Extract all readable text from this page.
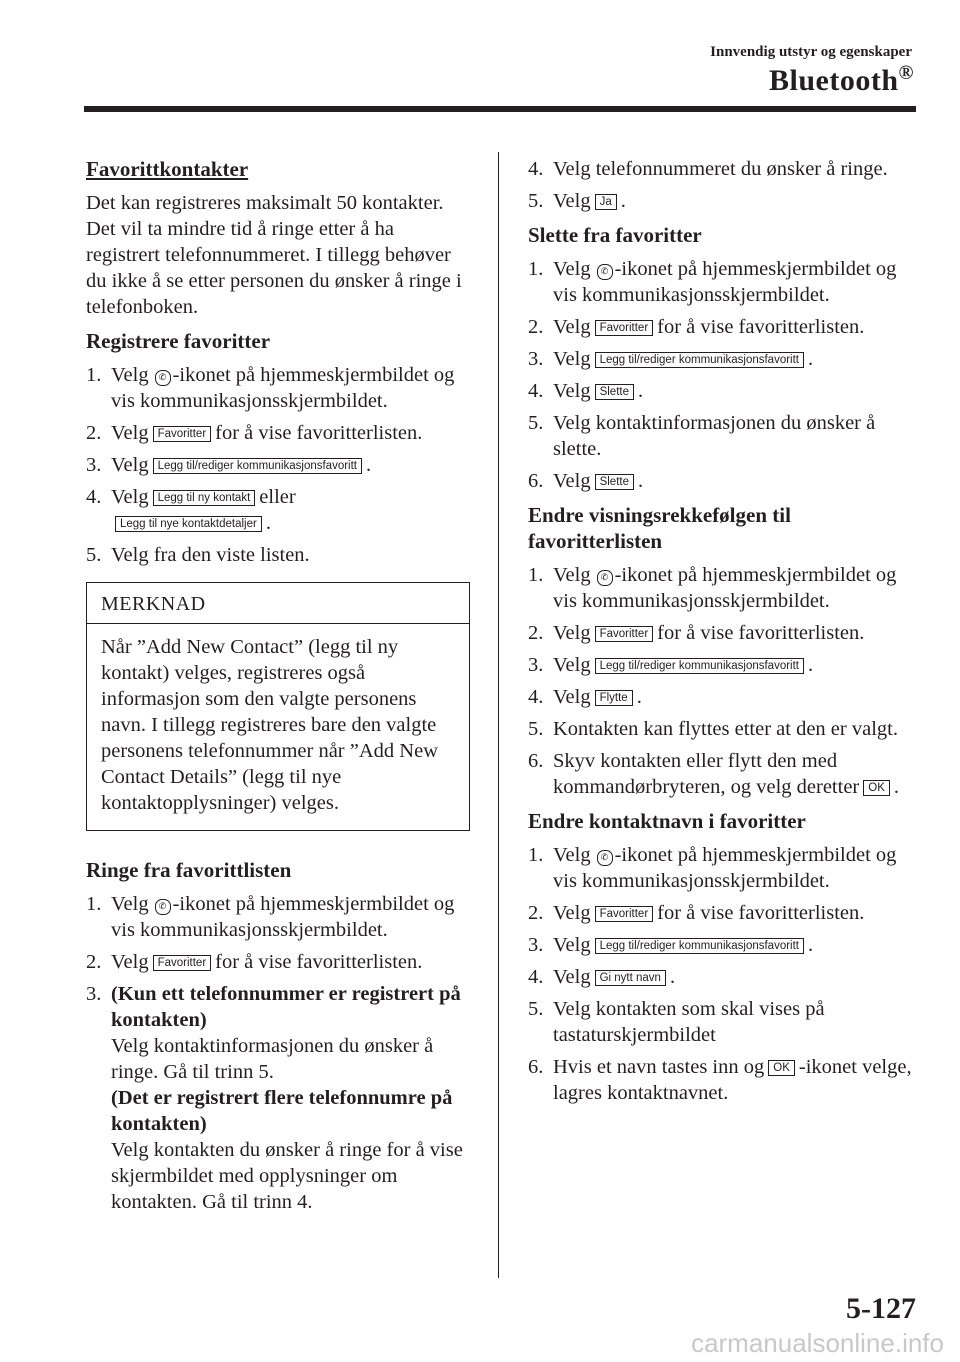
Innvendig utstyr og egenskaper
Bluetooth®
Favorittkontakter

Det kan registreres maksimalt 50 kontakter. Det vil ta mindre tid å ringe etter å ha registrert telefonnummeret. I tillegg behøver du ikke å se etter personen du ønsker å ringe i telefonboken.

Registrere favoritter
1. Velg ✆ -ikonet på hjemmeskjermbildet og vis kommunikasjonsskjermbildet.
2. Velg Favoritter for å vise favoritterlisten.
3. Velg Legg til/rediger kommunikasjonsfavoritt .
4. Velg Legg til ny kontakt eller
Legg til nye kontaktdetaljer .
5. Velg fra den viste listen.
MERKNAD
Når ”Add New Contact” (legg til ny kontakt) velges, registreres også informasjon som den valgte personens navn. I tillegg registreres bare den valgte personens telefonnummer når ”Add New Contact Details” (legg til nye kontaktopplysninger) velges.
Ringe fra favorittlisten
1. Velg ✆ -ikonet på hjemmeskjermbildet og vis kommunikasjonsskjermbildet.
2. Velg Favoritter for å vise favoritterlisten.
3. (Kun ett telefonnummer er registrert på kontakten)
Velg kontaktinformasjonen du ønsker å ringe. Gå til trinn 5.
(Det er registrert flere telefonnumre på kontakten)
Velg kontakten du ønsker å ringe for å vise skjermbildet med opplysninger om kontakten. Gå til trinn 4.
4. Velg telefonnummeret du ønsker å ringe.
5. Velg Ja .
Slette fra favoritter
1. Velg ✆ -ikonet på hjemmeskjermbildet og vis kommunikasjonsskjermbildet.
2. Velg Favoritter for å vise favoritterlisten.
3. Velg Legg til/rediger kommunikasjonsfavoritt .
4. Velg Slette .
5. Velg kontaktinformasjonen du ønsker å slette.
6. Velg Slette .
Endre visningsrekkefølgen til favoritterlisten
1. Velg ✆ -ikonet på hjemmeskjermbildet og vis kommunikasjonsskjermbildet.
2. Velg Favoritter for å vise favoritterlisten.
3. Velg Legg til/rediger kommunikasjonsfavoritt .
4. Velg Flytte .
5. Kontakten kan flyttes etter at den er valgt.
6. Skyv kontakten eller flytt den med kommandørbryteren, og velg deretter OK .
Endre kontaktnavn i favoritter
1. Velg ✆ -ikonet på hjemmeskjermbildet og vis kommunikasjonsskjermbildet.
2. Velg Favoritter for å vise favoritterlisten.
3. Velg Legg til/rediger kommunikasjonsfavoritt .
4. Velg Gi nytt navn .
5. Velg kontakten som skal vises på tastaturskjermbildet
6. Hvis et navn tastes inn og OK -ikonet velge, lagres kontaktnavnet.
5-127
carmanualsonline.info
